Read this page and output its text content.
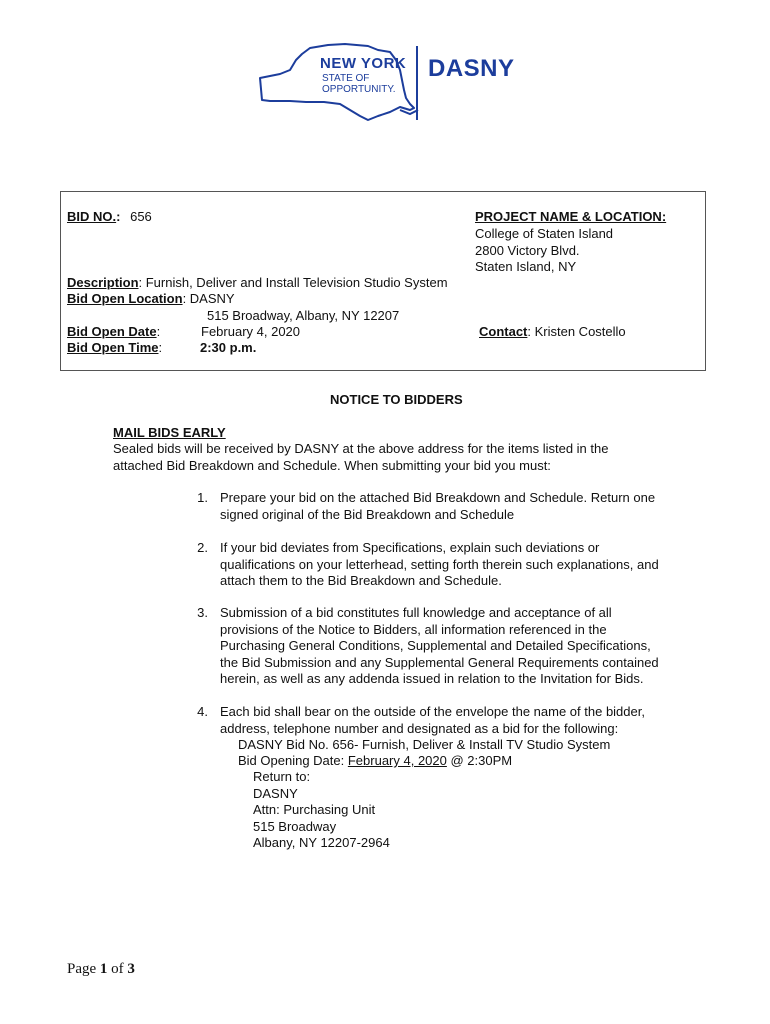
NEW YORK
STATE OF
OPPORTUNITY.
DASNY
BID NO.: 656	PROJECT NAME & LOCATION:
College of Staten Island
2800 Victory Blvd.
Staten Island, NY
Description: Furnish, Deliver and Install Television Studio System
Bid Open Location: DASNY
515 Broadway, Albany, NY 12207
Bid Open Date:	February 4, 2020	Contact: Kristen Costello
Bid Open Time:	2:30 p.m.
NOTICE TO BIDDERS
MAIL BIDS EARLY
Sealed bids will be received by DASNY at the above address for the items listed in the
attached Bid Breakdown and Schedule. When submitting your bid you must:
1. Prepare your bid on the attached Bid Breakdown and Schedule. Return one
signed original of the Bid Breakdown and Schedule
2. If your bid deviates from Specifications, explain such deviations or
qualifications on your letterhead, setting forth therein such explanations, and
attach them to the Bid Breakdown and Schedule.
3. Submission of a bid constitutes full knowledge and acceptance of all
provisions of the Notice to Bidders, all information referenced in the
Purchasing General Conditions, Supplemental and Detailed Specifications,
the Bid Submission and any Supplemental General Requirements contained
herein, as well as any addenda issued in relation to the Invitation for Bids.
4. Each bid shall bear on the outside of the envelope the name of the bidder,
address, telephone number and designated as a bid for the following:
DASNY Bid No. 656- Furnish, Deliver & Install TV Studio System
Bid Opening Date: February 4, 2020 @ 2:30PM
Return to:
DASNY
Attn: Purchasing Unit
515 Broadway
Albany, NY 12207-2964
Page 1 of 3
